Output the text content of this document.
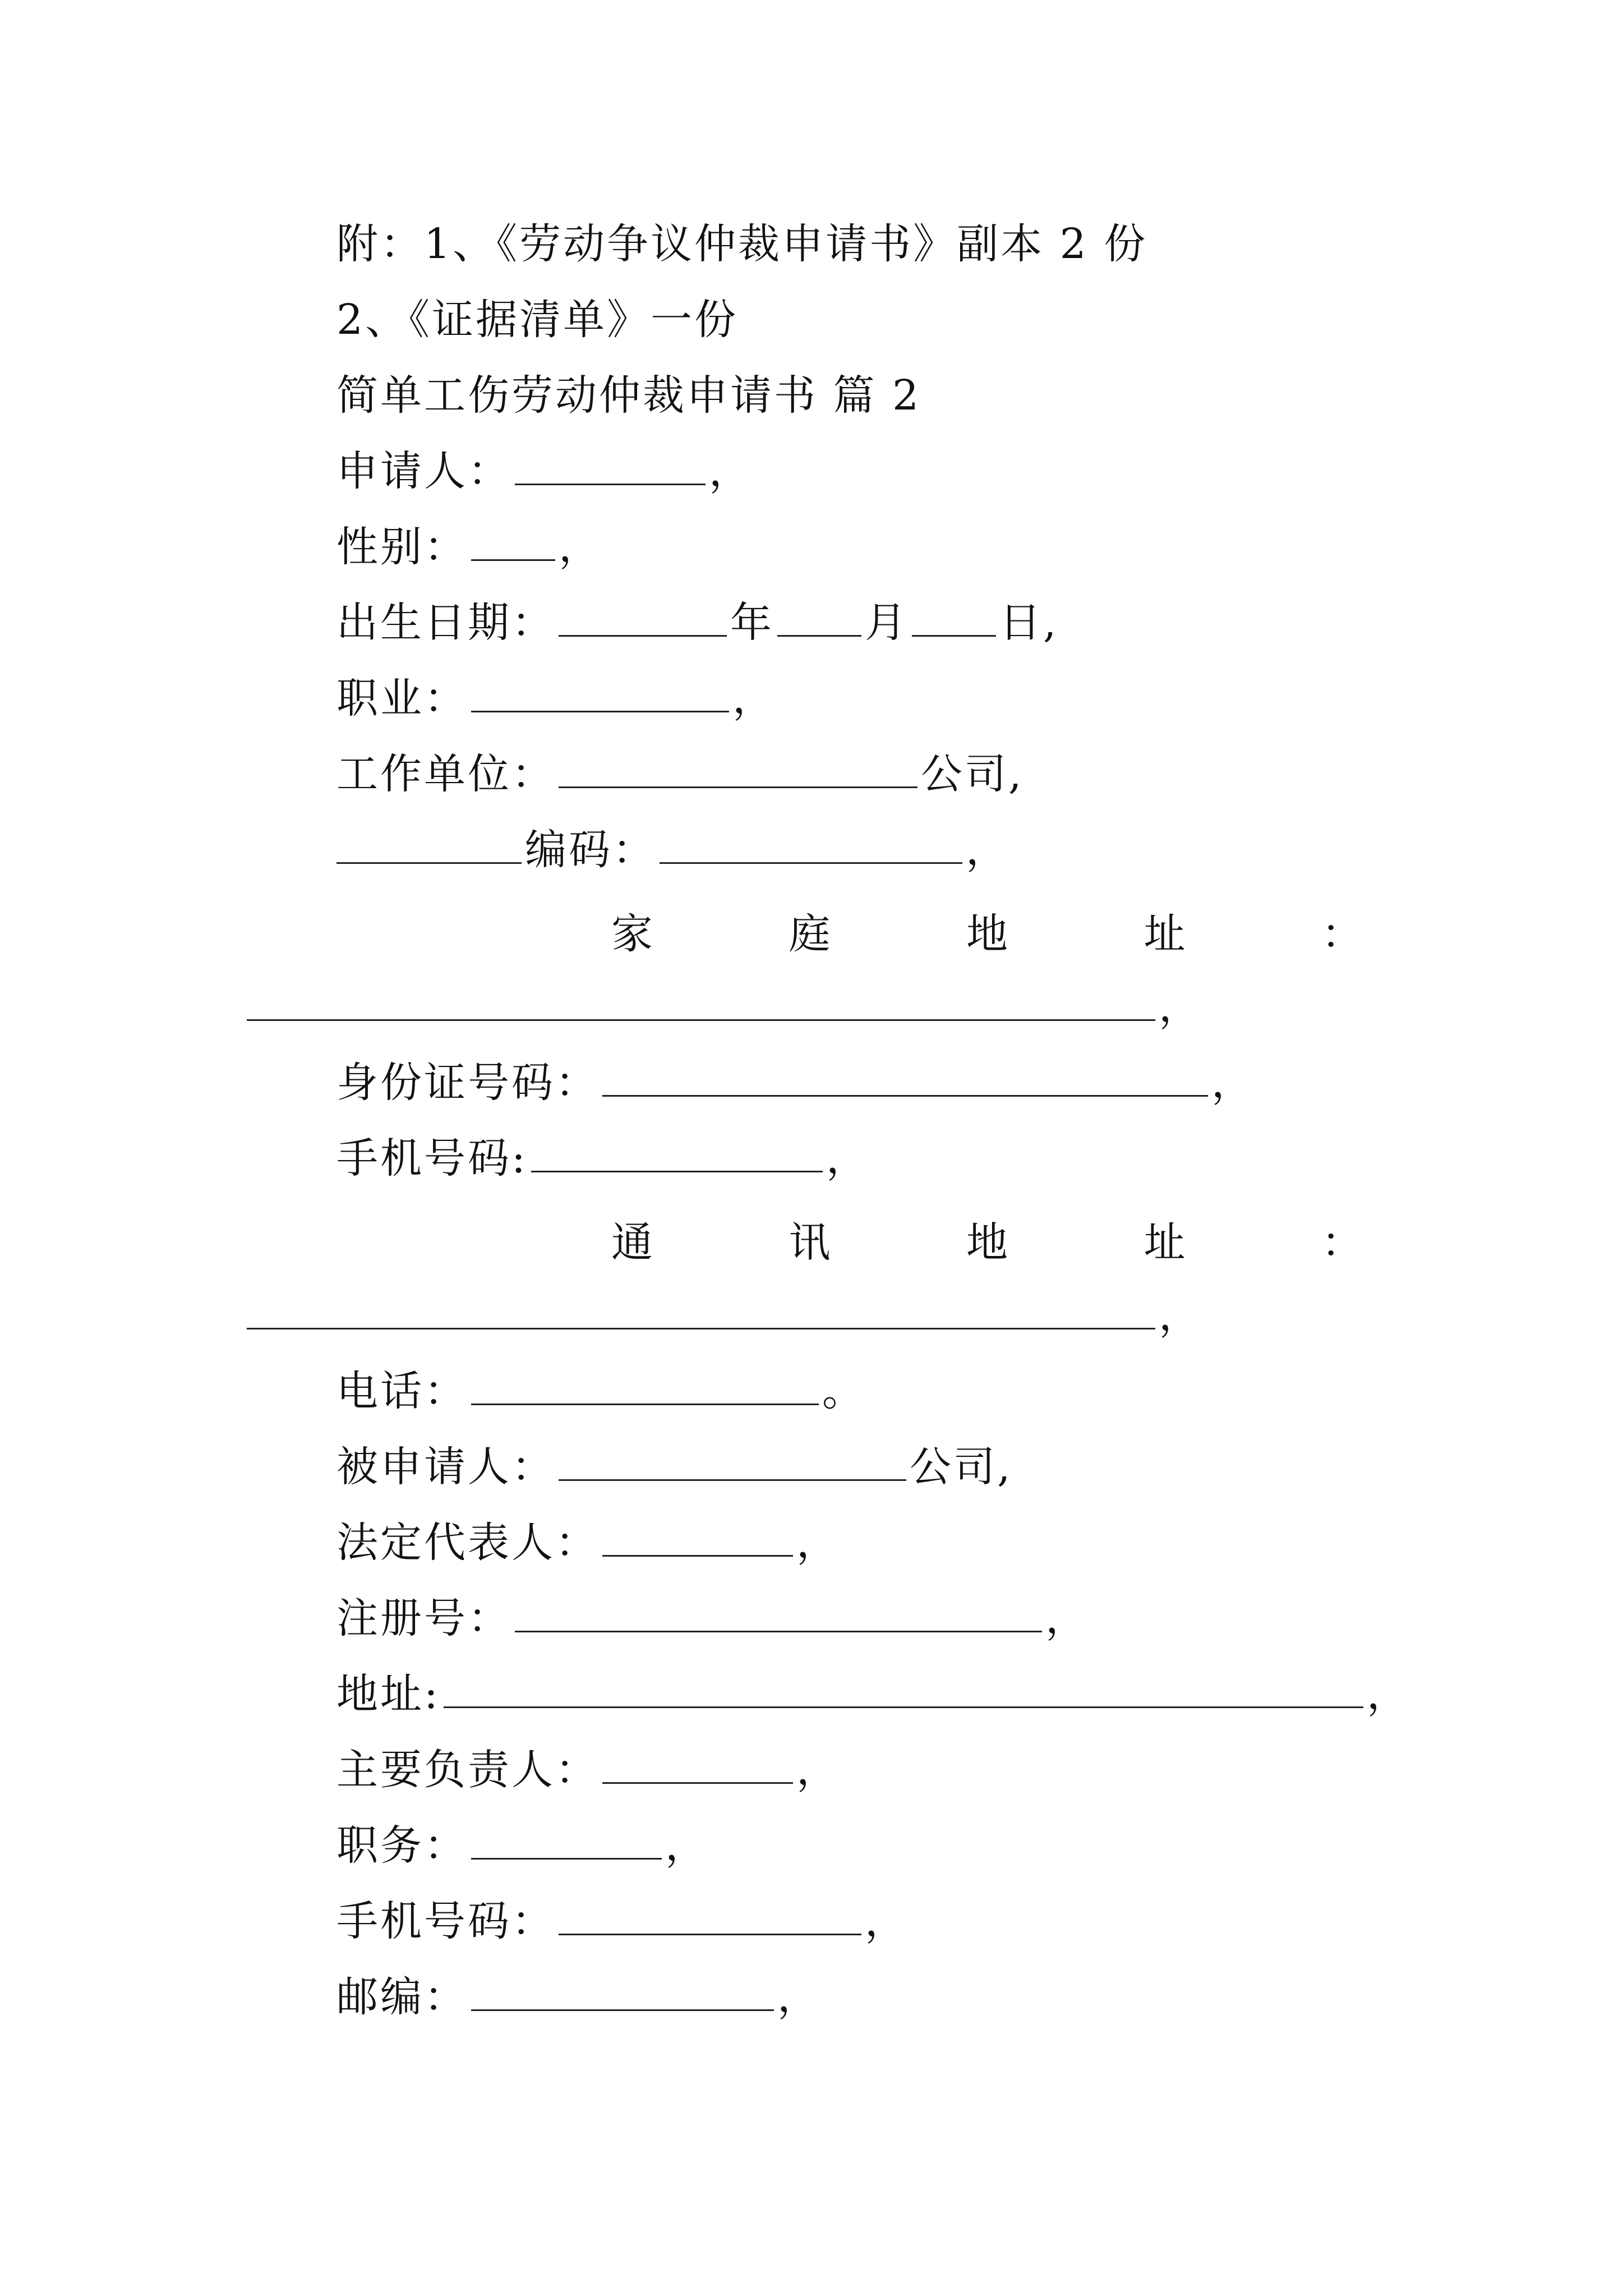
附：1、《劳动争议仲裁申请书》副本 2 份
2、《证据清单》一份
简单工伤劳动仲裁申请书 篇 2
申请人：	，
性别： ，
出生日期：	年 月 日,
职业：	，
工作单位：	公司,
编码：	，
家	庭	地	址	：
，
身份证号码：	，
手机号码:	，
通	讯	地	址	：
，
电话：	。
被申请人：	公司,
法定代表人：	，
注册号：	，
地址:	，
主要负责人：	，
职务：	，
手机号码：	，
邮编：	，
